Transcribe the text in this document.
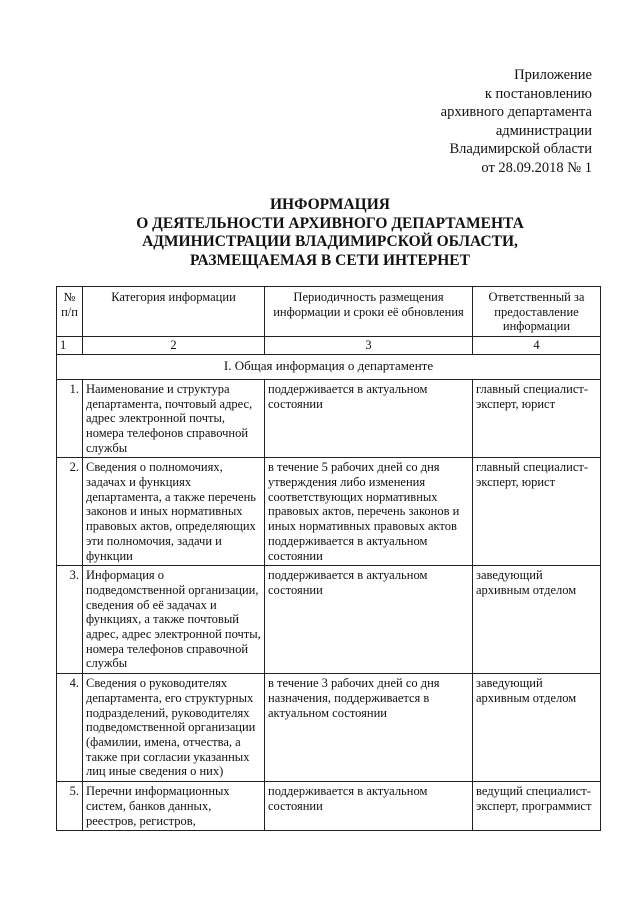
Приложение
к постановлению
архивного департамента
администрации
Владимирской области
от 28.09.2018 № 1
ИНФОРМАЦИЯ
О ДЕЯТЕЛЬНОСТИ АРХИВНОГО ДЕПАРТАМЕНТА
АДМИНИСТРАЦИИ ВЛАДИМИРСКОЙ ОБЛАСТИ,
РАЗМЕЩАЕМАЯ В СЕТИ ИНТЕРНЕТ
№ п/п	Категория информации	Периодичность размещения информации и сроки её обновления	Ответственный за предоставление информации
1	2	3	4
I. Общая информация о департаменте			
1.	Наименование и структура департамента, почтовый адрес, адрес электронной почты, номера телефонов справочной службы	поддерживается в актуальном состоянии	главный специалист-эксперт, юрист
2.	Сведения о полномочиях, задачах и функциях департамента, а также перечень законов и иных нормативных правовых актов, определяющих эти полномочия, задачи и функции	в течение 5 рабочих дней со дня утверждения либо изменения соответствующих нормативных правовых актов, перечень законов и иных нормативных правовых актов поддерживается в актуальном состоянии	главный специалист-эксперт, юрист
3.	Информация о подведомственной организации, сведения об её задачах и функциях, а также почтовый адрес, адрес электронной почты, номера телефонов справочной службы	поддерживается в актуальном состоянии	заведующий архивным отделом
4.	Сведения о руководителях департамента, его структурных подразделений, руководителях подведомственной организации (фамилии, имена, отчества, а также при согласии указанных лиц иные сведения о них)	в течение 3 рабочих дней со дня назначения, поддерживается в актуальном состоянии	заведующий архивным отделом
5.	Перечни информационных систем, банков данных, реестров, регистров,	поддерживается в актуальном состоянии	ведущий специалист-эксперт, программист
